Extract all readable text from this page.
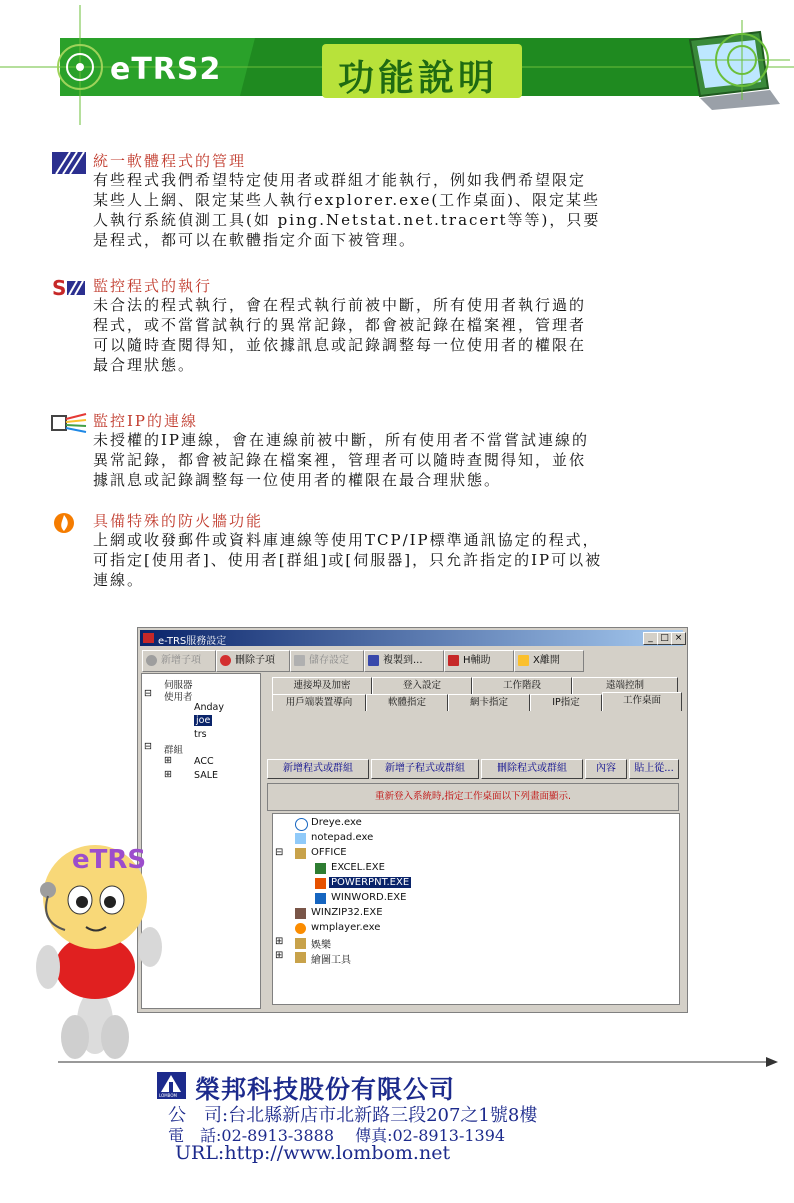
eTRS2	功能說明
統一軟體程式的管理
有些程式我們希望特定使用者或群組才能執行，例如我們希望限定
某些人上網、限定某些人執行explorer.exe(工作桌面)、限定某些
人執行系統偵測工具(如 ping.Netstat.net.tracert等等)，只要
是程式，都可以在軟體指定介面下被管理。
S 監控程式的執行
未合法的程式執行，會在程式執行前被中斷，所有使用者執行過的
程式，或不當嘗試執行的異常記錄，都會被記錄在檔案裡，管理者
可以隨時查閱得知，並依據訊息或記錄調整每一位使用者的權限在
最合理狀態。
監控IP的連線
未授權的IP連線，會在連線前被中斷，所有使用者不當嘗試連線的
異常記錄，都會被記錄在檔案裡，管理者可以隨時查閱得知，並依
據訊息或記錄調整每一位使用者的權限在最合理狀態。
具備特殊的防火牆功能
上網或收發郵件或資料庫連線等使用TCP/IP標準通訊協定的程式，
可指定[使用者]、使用者[群組]或[伺服器]，只允許指定的IP可以被
連線。
e-TRS服務設定	_ □ ×
新增子項	刪除子項	儲存設定	複製到...	H輔助	X離開
伺服器
⊟ 使用者
Anday
joe
trs
⊟ 群組
⊞ ACC
⊞ SALE
連接埠及加密	登入設定	工作階段	遠端控制
用戶端裝置導向	軟體指定	網卡指定	IP指定	工作桌面
新增程式或群組	新增子程式或群組	刪除程式或群組	內容	貼上從...
重新登入系統時,指定工作桌面以下列畫面顯示.
Dreye.exe
notepad.exe
⊟	OFFICE
EXCEL.EXE
POWERPNT.EXE
WINWORD.EXE
WINZIP32.EXE
wmplayer.exe
⊞	娛樂
⊞	繪圖工具
eTRS
LOMBOM 榮邦科技股份有限公司
公　司:台北縣新店市北新路三段207之1號8樓
電　話:02-8913-3888　 傳真:02-8913-1394
URL:http://www.lombom.net
